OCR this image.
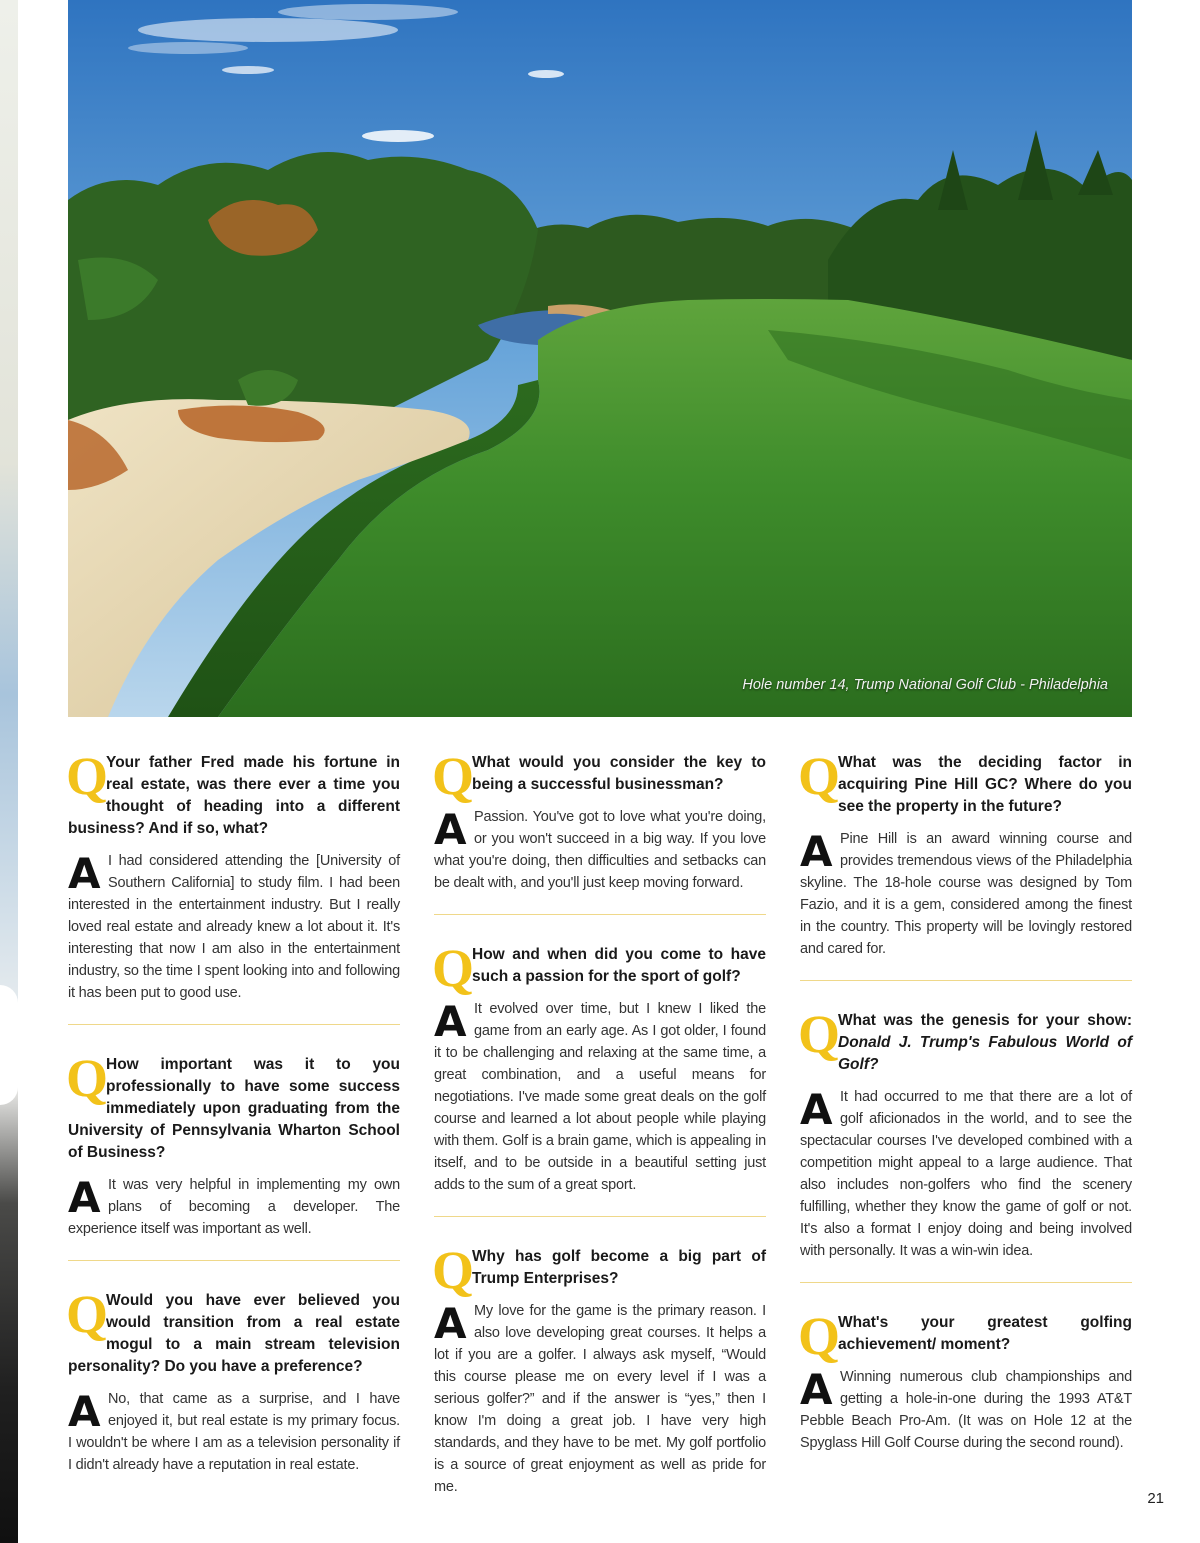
Hole number 14, Trump National Golf Club - Philadelphia

Q
Your father Fred made his fortune in real estate, was there ever a time you thought of heading into a different business? And if so, what?

A I had considered attending the [University of Southern California] to study film. I had been interested in the entertainment industry. But I really loved real estate and already knew a lot about it. It's interesting that now I am also in the entertainment industry, so the time I spent looking into and following it has been put to good use.

Q
How important was it to you professionally to have some success immediately upon graduating from the University of Pennsylvania Wharton School of Business?

A It was very helpful in implementing my own plans of becoming a developer. The experience itself was important as well.

Q
Would you have ever believed you would transition from a real estate mogul to a main stream television personality? Do you have a preference?

A No, that came as a surprise, and I have enjoyed it, but real estate is my primary focus. I wouldn't be where I am as a television personality if I didn't already have a reputation in real estate.

Q
What would you consider the key to being a successful businessman?

A Passion. You've got to love what you're doing, or you won't succeed in a big way. If you love what you're doing, then difficulties and setbacks can be dealt with, and you'll just keep moving forward.

Q
How and when did you come to have such a passion for the sport of golf?

A It evolved over time, but I knew I liked the game from an early age. As I got older, I found it to be challenging and relaxing at the same time, a great combination, and a useful means for negotiations. I've made some great deals on the golf course and learned a lot about people while playing with them. Golf is a brain game, which is appealing in itself, and to be outside in a beautiful setting just adds to the sum of a great sport.

Q
Why has golf become a big part of Trump Enterprises?

A My love for the game is the primary reason. I also love developing great courses. It helps a lot if you are a golfer. I always ask myself, “Would this course please me on every level if I was a serious golfer?” and if the answer is “yes,” then I know I'm doing a great job. I have very high standards, and they have to be met. My golf portfolio is a source of great enjoyment as well as pride for me.

Q
What was the deciding factor in acquiring Pine Hill GC? Where do you see the property in the future?

A Pine Hill is an award winning course and provides tremendous views of the Philadelphia skyline. The 18-hole course was designed by Tom Fazio, and it is a gem, considered among the finest in the country. This property will be lovingly restored and cared for.

Q
What was the genesis for your show: Donald J. Trump's Fabulous World of Golf?

A It had occurred to me that there are a lot of golf aficionados in the world, and to see the spectacular courses I've developed combined with a competition might appeal to a large audience. That also includes non-golfers who find the scenery fulfilling, whether they know the game of golf or not. It's also a format I enjoy doing and being involved with personally. It was a win-win idea.

Q
What's your greatest golfing achievement/ moment?

A Winning numerous club championships and getting a hole-in-one during the 1993 AT&T Pebble Beach Pro-Am. (It was on Hole 12 at the Spyglass Hill Golf Course during the second round).

21
